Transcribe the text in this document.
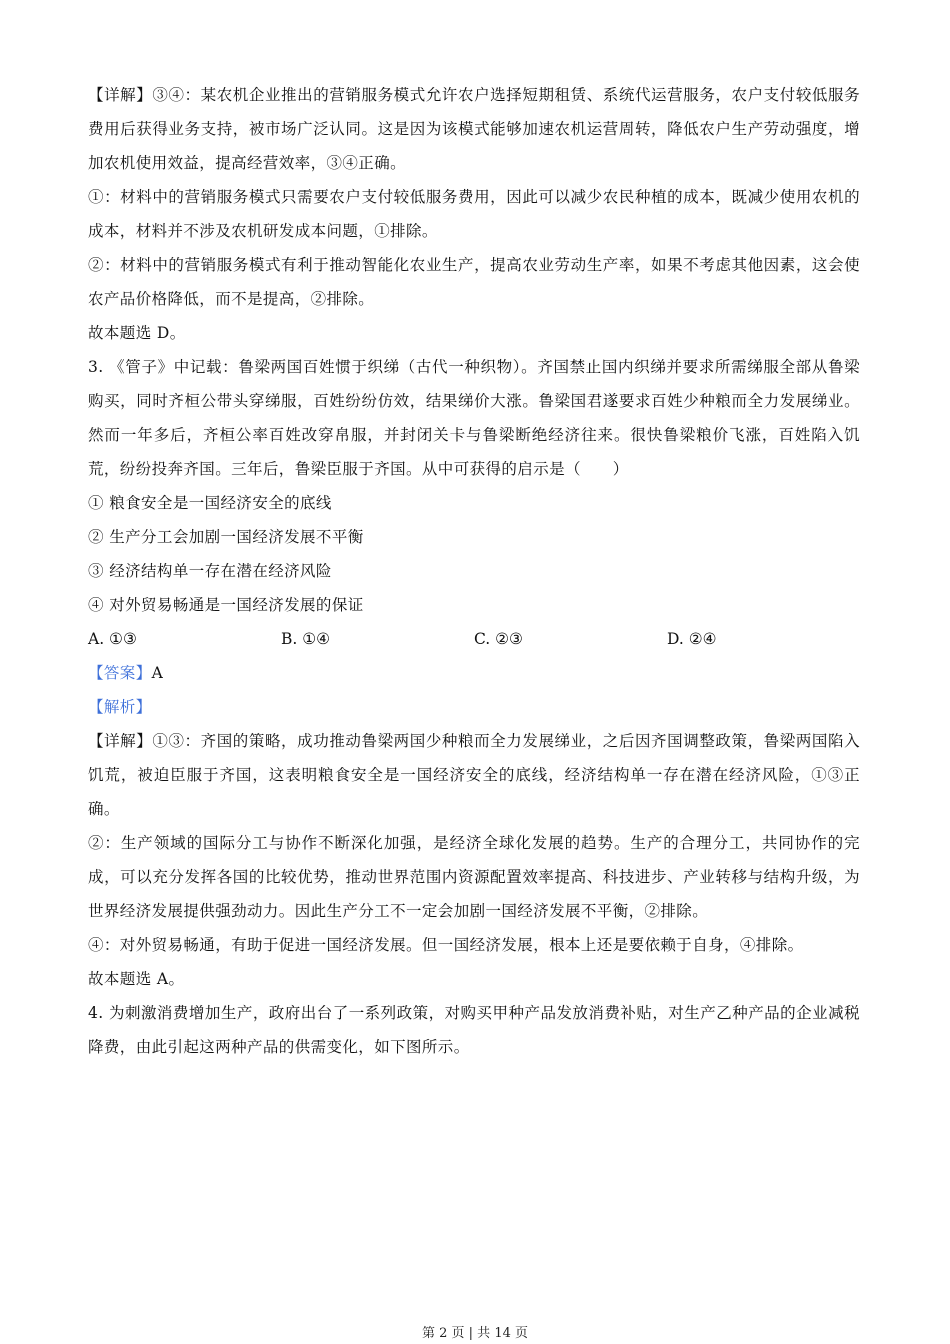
【详解】③④：某农机企业推出的营销服务模式允许农户选择短期租赁、系统代运营服务，农户支付较低服务费用后获得业务支持，被市场广泛认同。这是因为该模式能够加速农机运营周转，降低农户生产劳动强度，增加农机使用效益，提高经营效率，③④正确。

①：材料中的营销服务模式只需要农户支付较低服务费用，因此可以减少农民种植的成本，既减少使用农机的成本，材料并不涉及农机研发成本问题，①排除。

②：材料中的营销服务模式有利于推动智能化农业生产，提高农业劳动生产率，如果不考虑其他因素，这会使农产品价格降低，而不是提高，②排除。

故本题选 D。

3. 《管子》中记载：鲁梁两国百姓惯于织绨（古代一种织物）。齐国禁止国内织绨并要求所需绨服全部从鲁梁购买，同时齐桓公带头穿绨服，百姓纷纷仿效，结果绨价大涨。鲁梁国君遂要求百姓少种粮而全力发展绨业。然而一年多后，齐桓公率百姓改穿帛服，并封闭关卡与鲁梁断绝经济往来。很快鲁梁粮价飞涨，百姓陷入饥荒，纷纷投奔齐国。三年后，鲁梁臣服于齐国。从中可获得的启示是（　　）

① 粮食安全是一国经济安全的底线

② 生产分工会加剧一国经济发展不平衡

③ 经济结构单一存在潜在经济风险

④ 对外贸易畅通是一国经济发展的保证

A. ①③	B. ①④	C. ②③	D. ②④

【答案】A

【解析】

【详解】①③：齐国的策略，成功推动鲁梁两国少种粮而全力发展绨业，之后因齐国调整政策，鲁梁两国陷入饥荒，被迫臣服于齐国，这表明粮食安全是一国经济安全的底线，经济结构单一存在潜在经济风险，①③正确。

②：生产领域的国际分工与协作不断深化加强，是经济全球化发展的趋势。生产的合理分工，共同协作的完成，可以充分发挥各国的比较优势，推动世界范围内资源配置效率提高、科技进步、产业转移与结构升级，为世界经济发展提供强劲动力。因此生产分工不一定会加剧一国经济发展不平衡，②排除。

④：对外贸易畅通，有助于促进一国经济发展。但一国经济发展，根本上还是要依赖于自身，④排除。

故本题选 A。

4. 为刺激消费增加生产，政府出台了一系列政策，对购买甲种产品发放消费补贴，对生产乙种产品的企业减税降费，由此引起这两种产品的供需变化，如下图所示。

第 2 页 | 共 14 页
